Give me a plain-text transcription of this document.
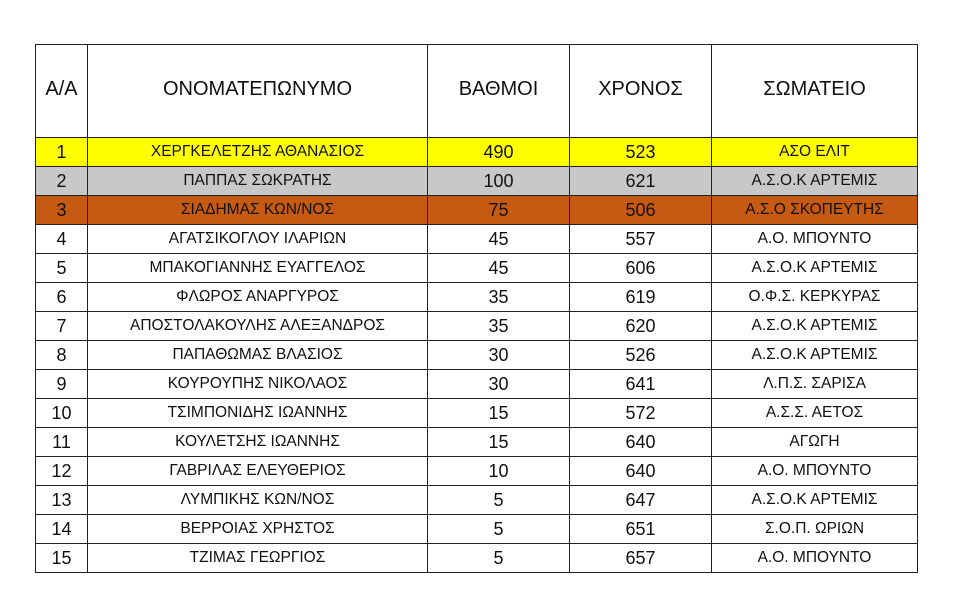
Α/Α	ΟΝΟΜΑΤΕΠΩΝΥΜΟ	ΒΑΘΜΟΙ	ΧΡΟΝΟΣ	ΣΩΜΑΤΕΙΟ
1	ΧΕΡΓΚΕΛΕΤΖΗΣ ΑΘΑΝΑΣΙΟΣ	490	523	ΑΣΟ ΕΛΙΤ
2	ΠΑΠΠΑΣ ΣΩΚΡΑΤΗΣ	100	621	Α.Σ.Ο.Κ ΑΡΤΕΜΙΣ
3	ΣΙΑΔΗΜΑΣ ΚΩΝ/ΝΟΣ	75	506	Α.Σ.Ο ΣΚΟΠΕΥΤΗΣ
4	ΑΓΑΤΣΙΚΟΓΛΟΥ ΙΛΑΡΙΩΝ	45	557	Α.Ο. ΜΠΟΥΝΤΟ
5	ΜΠΑΚΟΓΙΑΝΝΗΣ ΕΥΑΓΓΕΛΟΣ	45	606	Α.Σ.Ο.Κ ΑΡΤΕΜΙΣ
6	ΦΛΩΡΟΣ ΑΝΑΡΓΥΡΟΣ	35	619	Ο.Φ.Σ. ΚΕΡΚΥΡΑΣ
7	ΑΠΟΣΤΟΛΑΚΟΥΛΗΣ ΑΛΕΞΑΝΔΡΟΣ	35	620	Α.Σ.Ο.Κ ΑΡΤΕΜΙΣ
8	ΠΑΠΑΘΩΜΑΣ ΒΛΑΣΙΟΣ	30	526	Α.Σ.Ο.Κ ΑΡΤΕΜΙΣ
9	ΚΟΥΡΟΥΠΗΣ ΝΙΚΟΛΑΟΣ	30	641	Λ.Π.Σ. ΣΑΡΙΣΑ
10	ΤΣΙΜΠΟΝΙΔΗΣ ΙΩΑΝΝΗΣ	15	572	Α.Σ.Σ. ΑΕΤΟΣ
11	ΚΟΥΛΕΤΣΗΣ ΙΩΑΝΝΗΣ	15	640	ΑΓΩΓΗ
12	ΓΑΒΡΙΛΑΣ ΕΛΕΥΘΕΡΙΟΣ	10	640	Α.Ο. ΜΠΟΥΝΤΟ
13	ΛΥΜΠΙΚΗΣ ΚΩΝ/ΝΟΣ	5	647	Α.Σ.Ο.Κ ΑΡΤΕΜΙΣ
14	ΒΕΡΡΟΙΑΣ ΧΡΗΣΤΟΣ	5	651	Σ.Ο.Π. ΩΡΙΩΝ
15	ΤΖΙΜΑΣ ΓΕΩΡΓΙΟΣ	5	657	Α.Ο. ΜΠΟΥΝΤΟ
